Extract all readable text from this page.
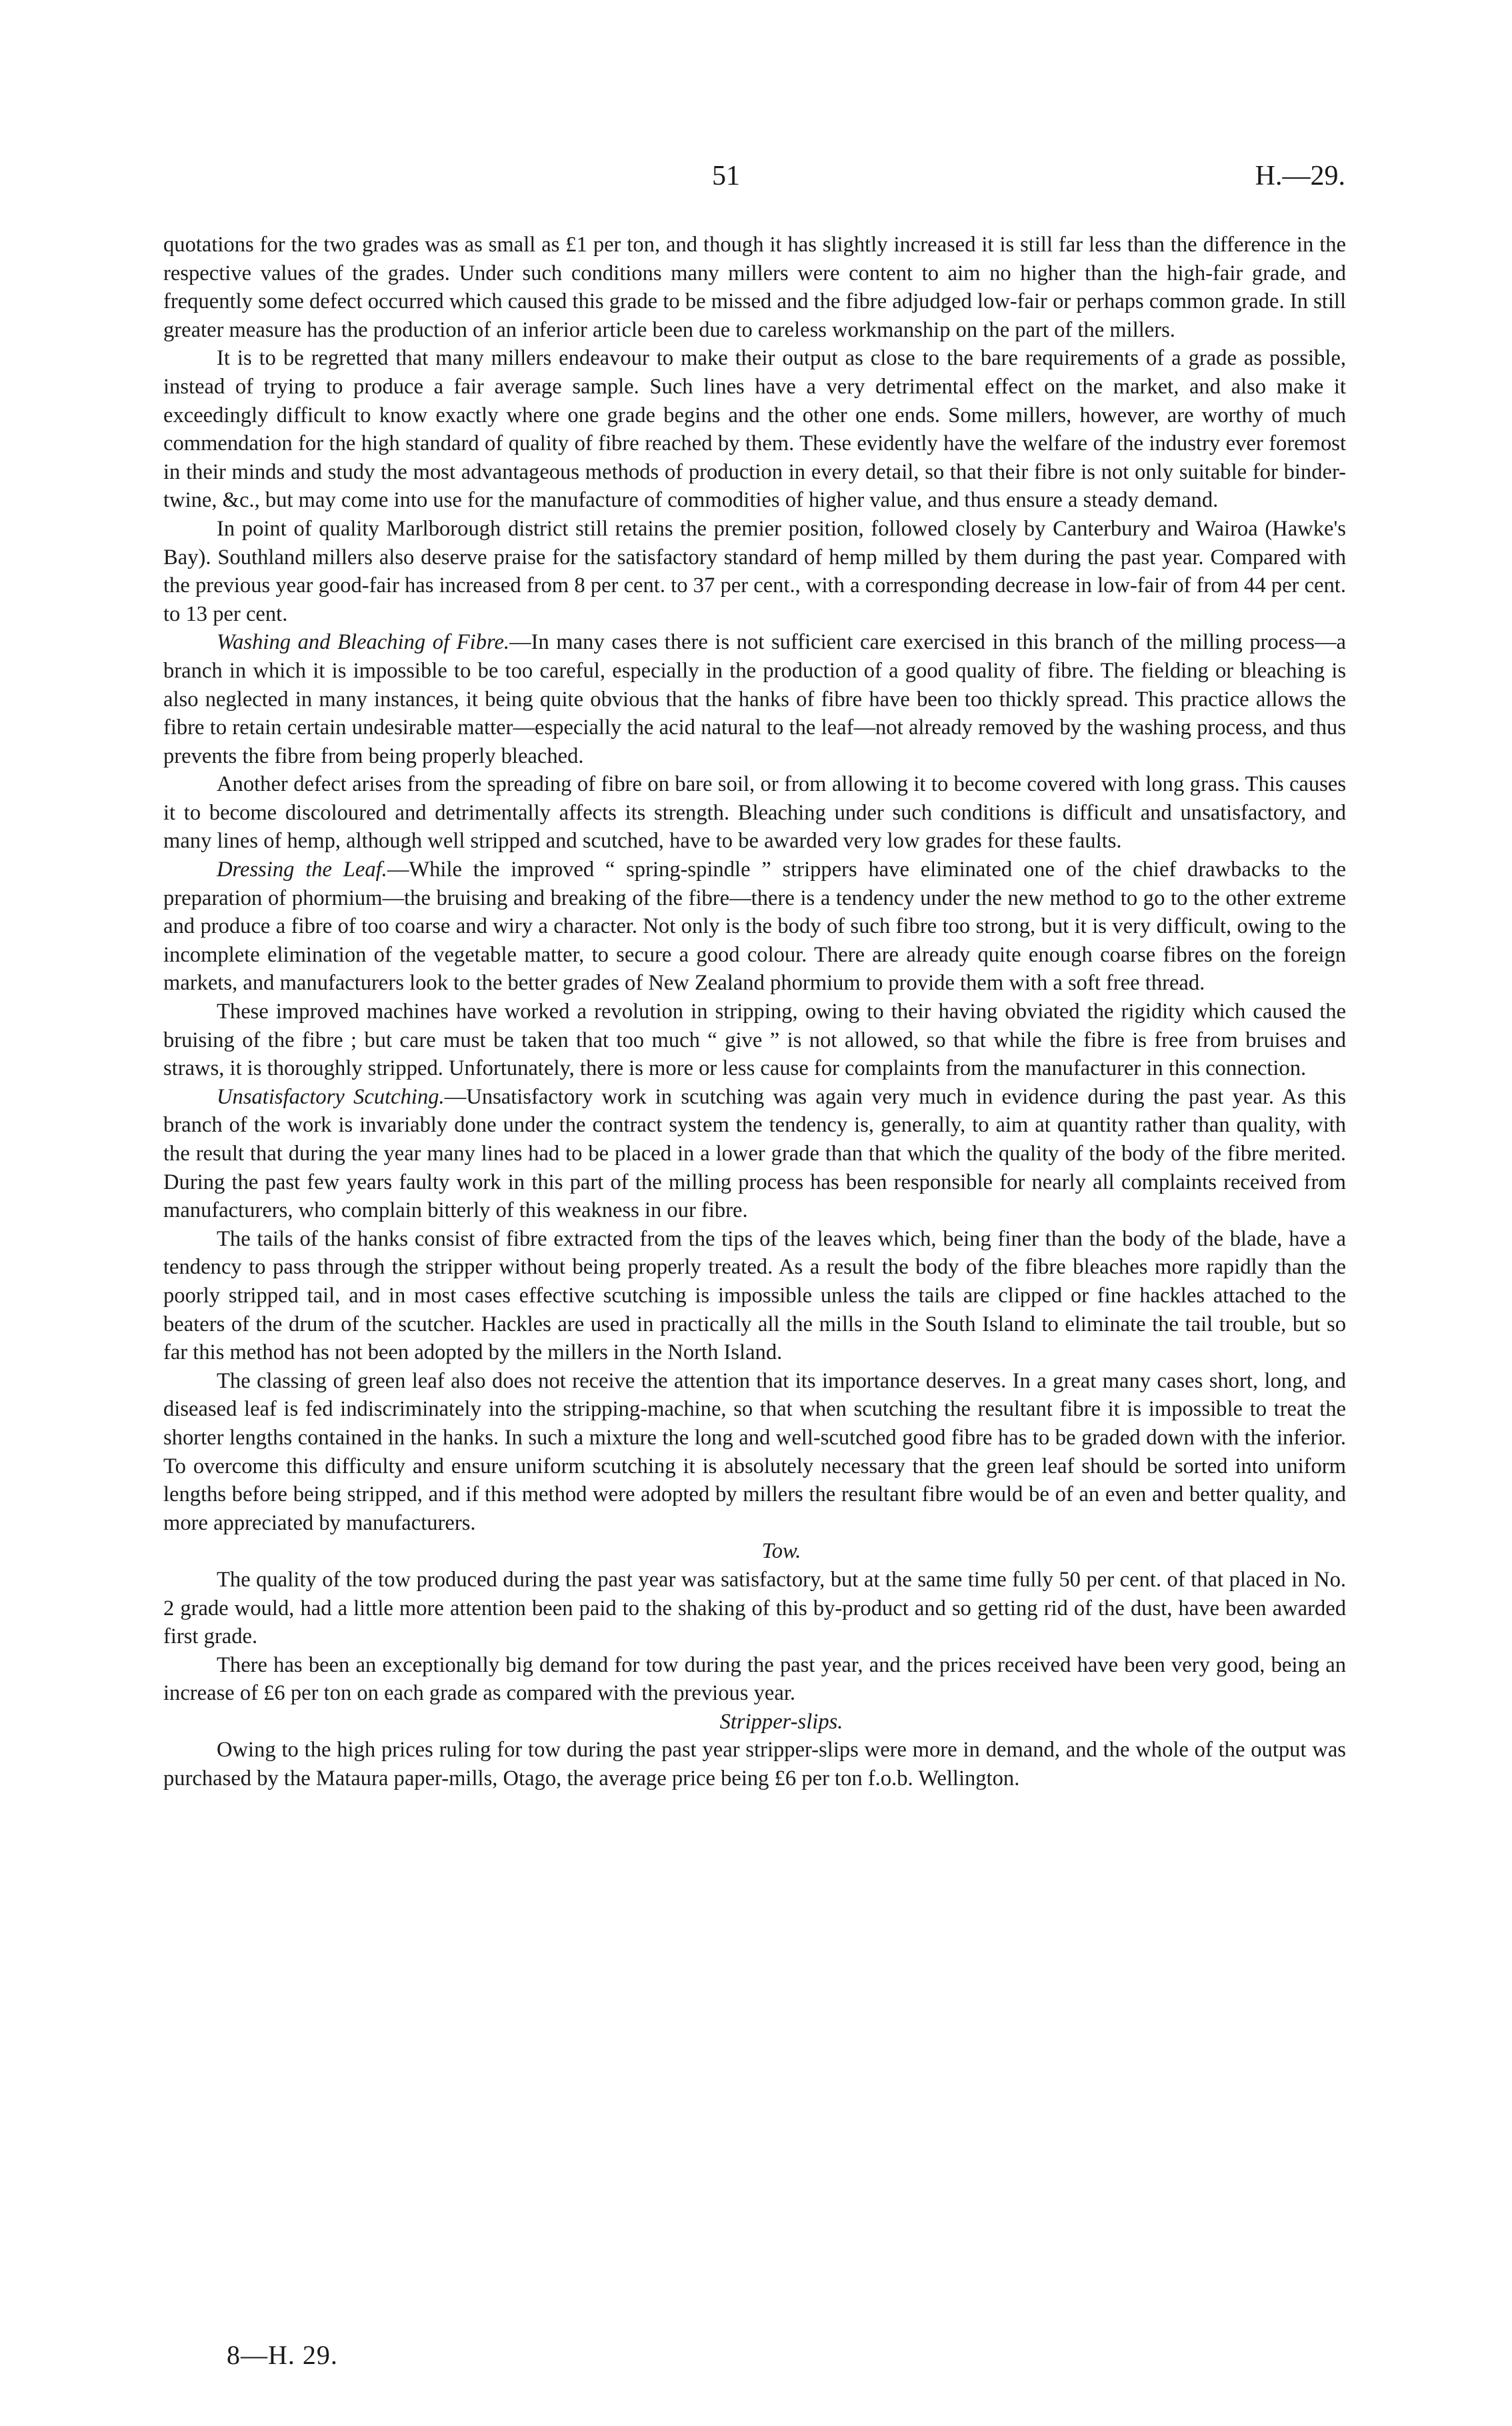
51	H.—29.

quotations for the two grades was as small as £1 per ton, and though it has slightly increased it is still far less than the difference in the respective values of the grades. Under such conditions many millers were content to aim no higher than the high-fair grade, and frequently some defect occurred which caused this grade to be missed and the fibre adjudged low-fair or perhaps common grade. In still greater measure has the production of an inferior article been due to careless workmanship on the part of the millers.

It is to be regretted that many millers endeavour to make their output as close to the bare requirements of a grade as possible, instead of trying to produce a fair average sample. Such lines have a very detrimental effect on the market, and also make it exceedingly difficult to know exactly where one grade begins and the other one ends. Some millers, however, are worthy of much commendation for the high standard of quality of fibre reached by them. These evidently have the welfare of the industry ever foremost in their minds and study the most advantageous methods of production in every detail, so that their fibre is not only suitable for binder-twine, &c., but may come into use for the manufacture of commodities of higher value, and thus ensure a steady demand.

In point of quality Marlborough district still retains the premier position, followed closely by Canterbury and Wairoa (Hawke's Bay). Southland millers also deserve praise for the satisfactory standard of hemp milled by them during the past year. Compared with the previous year good-fair has increased from 8 per cent. to 37 per cent., with a corresponding decrease in low-fair of from 44 per cent. to 13 per cent.

Washing and Bleaching of Fibre.—In many cases there is not sufficient care exercised in this branch of the milling process—a branch in which it is impossible to be too careful, especially in the production of a good quality of fibre. The fielding or bleaching is also neglected in many instances, it being quite obvious that the hanks of fibre have been too thickly spread. This practice allows the fibre to retain certain undesirable matter—especially the acid natural to the leaf—not already removed by the washing process, and thus prevents the fibre from being properly bleached.

Another defect arises from the spreading of fibre on bare soil, or from allowing it to become covered with long grass. This causes it to become discoloured and detrimentally affects its strength. Bleaching under such conditions is difficult and unsatisfactory, and many lines of hemp, although well stripped and scutched, have to be awarded very low grades for these faults.

Dressing the Leaf.—While the improved “ spring-spindle ” strippers have eliminated one of the chief drawbacks to the preparation of phormium—the bruising and breaking of the fibre—there is a tendency under the new method to go to the other extreme and produce a fibre of too coarse and wiry a character. Not only is the body of such fibre too strong, but it is very difficult, owing to the incomplete elimination of the vegetable matter, to secure a good colour. There are already quite enough coarse fibres on the foreign markets, and manufacturers look to the better grades of New Zealand phormium to provide them with a soft free thread.

These improved machines have worked a revolution in stripping, owing to their having obviated the rigidity which caused the bruising of the fibre ; but care must be taken that too much “ give ” is not allowed, so that while the fibre is free from bruises and straws, it is thoroughly stripped. Unfortunately, there is more or less cause for complaints from the manufacturer in this connection.

Unsatisfactory Scutching.—Unsatisfactory work in scutching was again very much in evidence during the past year. As this branch of the work is invariably done under the contract system the tendency is, generally, to aim at quantity rather than quality, with the result that during the year many lines had to be placed in a lower grade than that which the quality of the body of the fibre merited. During the past few years faulty work in this part of the milling process has been responsible for nearly all complaints received from manufacturers, who complain bitterly of this weakness in our fibre.

The tails of the hanks consist of fibre extracted from the tips of the leaves which, being finer than the body of the blade, have a tendency to pass through the stripper without being properly treated. As a result the body of the fibre bleaches more rapidly than the poorly stripped tail, and in most cases effective scutching is impossible unless the tails are clipped or fine hackles attached to the beaters of the drum of the scutcher. Hackles are used in practically all the mills in the South Island to eliminate the tail trouble, but so far this method has not been adopted by the millers in the North Island.

The classing of green leaf also does not receive the attention that its importance deserves. In a great many cases short, long, and diseased leaf is fed indiscriminately into the stripping-machine, so that when scutching the resultant fibre it is impossible to treat the shorter lengths contained in the hanks. In such a mixture the long and well-scutched good fibre has to be graded down with the inferior. To overcome this difficulty and ensure uniform scutching it is absolutely necessary that the green leaf should be sorted into uniform lengths before being stripped, and if this method were adopted by millers the resultant fibre would be of an even and better quality, and more appreciated by manufacturers.

Tow.

The quality of the tow produced during the past year was satisfactory, but at the same time fully 50 per cent. of that placed in No. 2 grade would, had a little more attention been paid to the shaking of this by-product and so getting rid of the dust, have been awarded first grade.

There has been an exceptionally big demand for tow during the past year, and the prices received have been very good, being an increase of £6 per ton on each grade as compared with the previous year.

Stripper-slips.

Owing to the high prices ruling for tow during the past year stripper-slips were more in demand, and the whole of the output was purchased by the Mataura paper-mills, Otago, the average price being £6 per ton f.o.b. Wellington.

8—H. 29.
